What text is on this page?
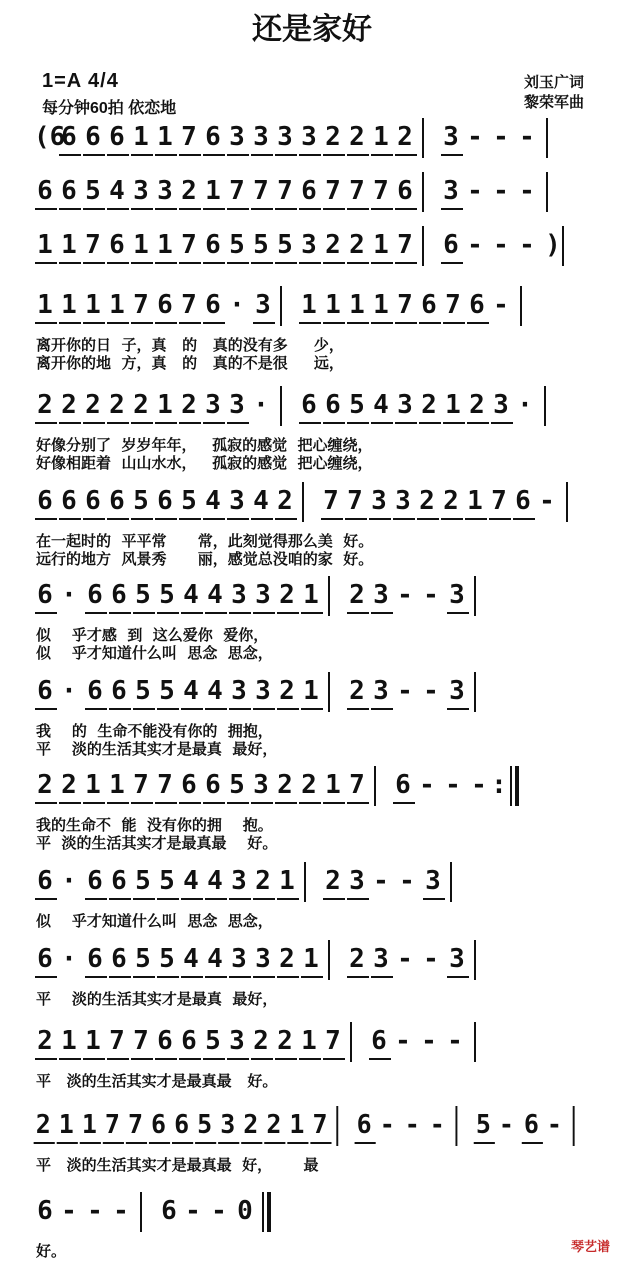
还是家好
1=A 4/4
每分钟60拍 依恋地
刘玉广词
黎荣军曲
(6
6 6 6 1 1 7 6 3 3 3 3 2 2 1 2 3 - - -
6 6 5 4 3 3 2 1 7 7 7 6 7 7 7 6 3 - - -
1 1 7 6 1 1 7 6 5 5 5 3 2 2 1 7 6 - - - )
1 1 1 1 7 6 7 6 · 3 1 1 1 1 7 6 7 6 -
离开你的日  子，真   的   真的没有多     少，
离开你的地  方，真   的   真的不是很     远，
2 2 2 2 2 1 2 3 3 · 6 6 5 4 3 2 1 2 3 ·
好像分别了  岁岁年年，   孤寂的感觉  把心缠绕，
好像相距着  山山水水，   孤寂的感觉  把心缠绕，
6 6 6 6 5 6 5 4 3 4 2 7 7 3 3 2 2 1 7 6 -
在一起时的  平平常      常，此刻觉得那么美  好。
远行的地方  风景秀      丽，感觉总没咱的家  好。
6 · 6 6 5 5 4 4 3 3 2 1 2 3 - - 3
似    乎才感  到  这么爱你  爱你，
似    乎才知道什么叫  思念  思念，
6 · 6 6 5 5 4 4 3 3 2 1 2 3 - - 3
我    的  生命不能没有你的  拥抱，
平    淡的生活其实才是最真  最好，
2 2 1 1 7 7 6 6 5 3 2 2 1 7 6 - - - :
我的生命不  能  没有你的拥    抱。
平  淡的生活其实才是最真最    好。
6 · 6 6 5 5 4 4 3 2 1 2 3 - - 3
似    乎才知道什么叫  思念  思念，
6 · 6 6 5 5 4 4 3 3 2 1 2 3 - - 3
平    淡的生活其实才是最真  最好，
2 1 1 7 7 6 6 5 3 2 2 1 7 6 - - -
平   淡的生活其实才是最真最   好。
2 1 1 7 7 6 6 5 3 2 2 1 7 6 - - - 5 - 6 -
平   淡的生活其实才是最真最  好，      最
6 - - - 6 - - 0
好。	琴艺谱
